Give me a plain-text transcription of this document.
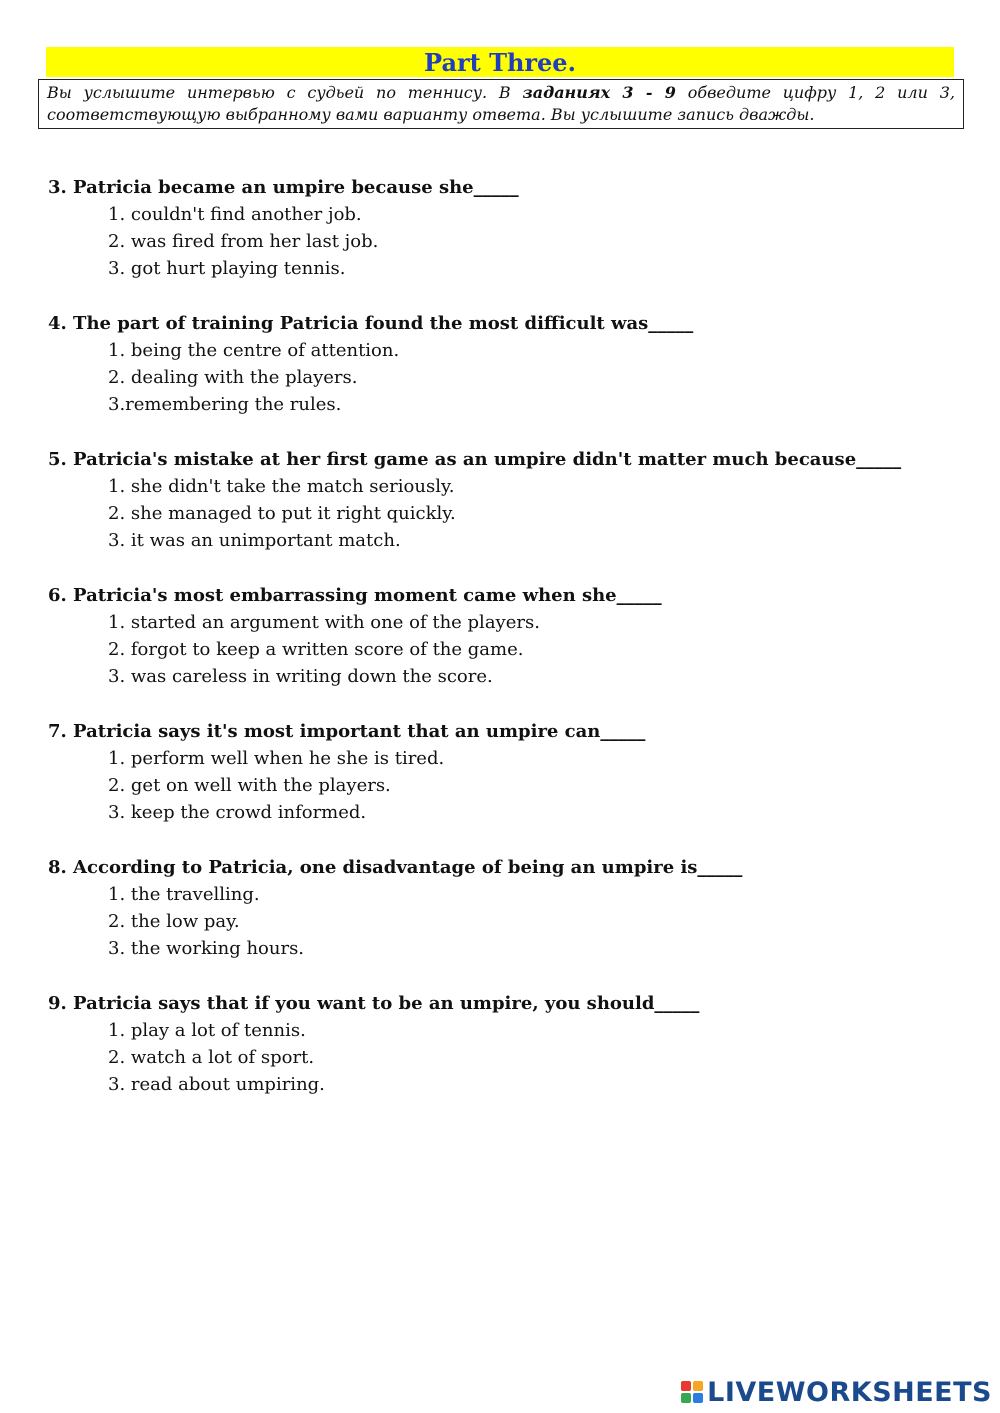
Part Three.
Вы услышите интервью с судьей по теннису. В заданиях 3 - 9 обведите цифру 1, 2 или 3, соответствующую выбранному вами варианту ответа. Вы услышите запись дважды.
3. Patricia became an umpire because she_____
1. couldn't find another job.
2. was fired from her last job.
3. got hurt playing tennis.
4. The part of training Patricia found the most difficult was_____
1. being the centre of attention.
2. dealing with the players.
3.remembering the rules.
5. Patricia's mistake at her first game as an umpire didn't matter much because_____
1. she didn't take the match seriously.
2. she managed to put it right quickly.
3. it was an unimportant match.
6. Patricia's most embarrassing moment came when she_____
1. started an argument with one of the players.
2. forgot to keep a written score of the game.
3. was careless in writing down the score.
7. Patricia says it's most important that an umpire can_____
1. perform well when he she is tired.
2. get on well with the players.
3. keep the crowd informed.
8. According to Patricia, one disadvantage of being an umpire is_____
1. the travelling.
2. the low pay.
3. the working hours.
9. Patricia says that if you want to be an umpire, you should_____
1. play a lot of tennis.
2. watch a lot of sport.
3. read about umpiring.
LIVEWORKSHEETS
